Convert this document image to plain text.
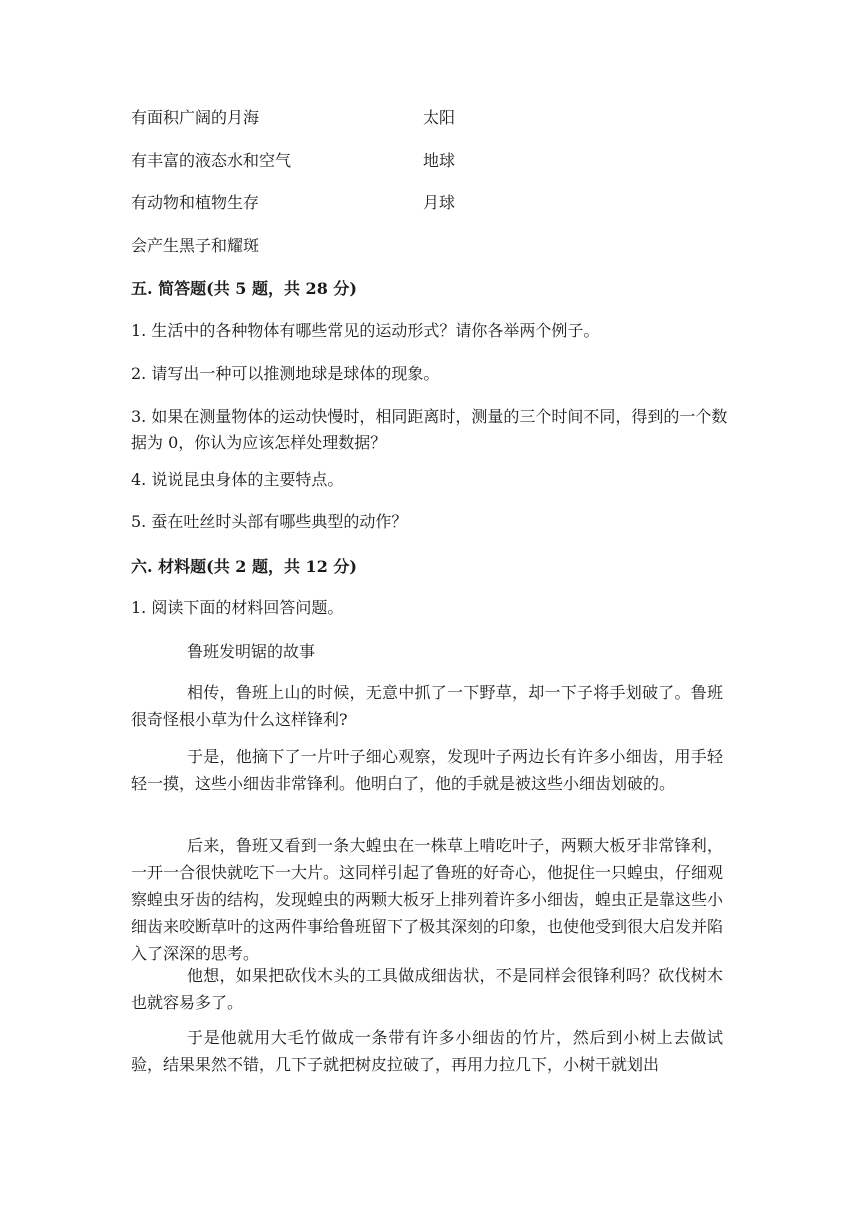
有面积广阔的月海	太阳
有丰富的液态水和空气	地球
有动物和植物生存	月球
会产生黑子和耀斑
五. 简答题(共 5 题，共 28 分)
1. 生活中的各种物体有哪些常见的运动形式？请你各举两个例子。
2. 请写出一种可以推测地球是球体的现象。
3. 如果在测量物体的运动快慢时，相同距离时，测量的三个时间不同，得到的一个数据为 0，你认为应该怎样处理数据？
4. 说说昆虫身体的主要特点。
5. 蚕在吐丝时头部有哪些典型的动作？
六. 材料题(共 2 题，共 12 分)
1. 阅读下面的材料回答问题。
鲁班发明锯的故事
相传，鲁班上山的时候，无意中抓了一下野草，却一下子将手划破了。鲁班很奇怪根小草为什么这样锋利?
于是，他摘下了一片叶子细心观察，发现叶子两边长有许多小细齿，用手轻轻一摸，这些小细齿非常锋利。他明白了，他的手就是被这些小细齿划破的。
后来，鲁班又看到一条大蝗虫在一株草上啃吃叶子，两颗大板牙非常锋利，一开一合很快就吃下一大片。这同样引起了鲁班的好奇心，他捉住一只蝗虫，仔细观察蝗虫牙齿的结构，发现蝗虫的两颗大板牙上排列着许多小细齿，蝗虫正是靠这些小细齿来咬断草叶的这两件事给鲁班留下了极其深刻的印象，也使他受到很大启发并陷入了深深的思考。
他想，如果把砍伐木头的工具做成细齿状，不是同样会很锋利吗？砍伐树木也就容易多了。
于是他就用大毛竹做成一条带有许多小细齿的竹片，然后到小树上去做试验，结果果然不错，几下子就把树皮拉破了，再用力拉几下，小树干就划出
